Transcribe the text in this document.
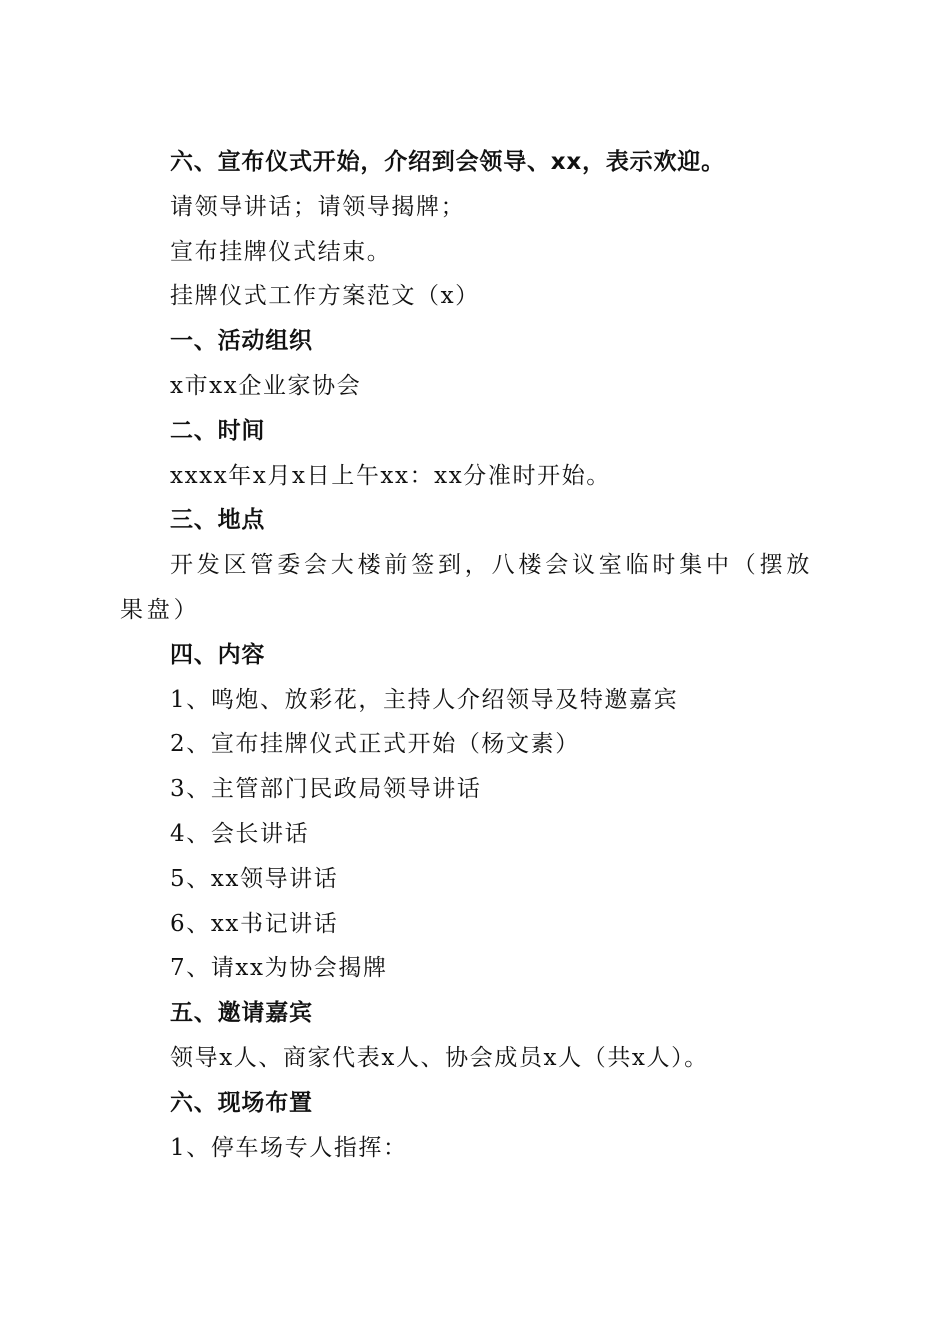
六、宣布仪式开始，介绍到会领导、xx，表示欢迎。
请领导讲话；请领导揭牌；
宣布挂牌仪式结束。
挂牌仪式工作方案范文（x）
一、活动组织
x市xx企业家协会
二、时间
xxxx年x月x日上午xx：xx分准时开始。
三、地点
开发区管委会大楼前签到，八楼会议室临时集中（摆放果盘）
四、内容
1、鸣炮、放彩花，主持人介绍领导及特邀嘉宾
2、宣布挂牌仪式正式开始（杨文素）
3、主管部门民政局领导讲话
4、会长讲话
5、xx领导讲话
6、xx书记讲话
7、请xx为协会揭牌
五、邀请嘉宾
领导x人、商家代表x人、协会成员x人（共x人）。
六、现场布置
1、停车场专人指挥：
